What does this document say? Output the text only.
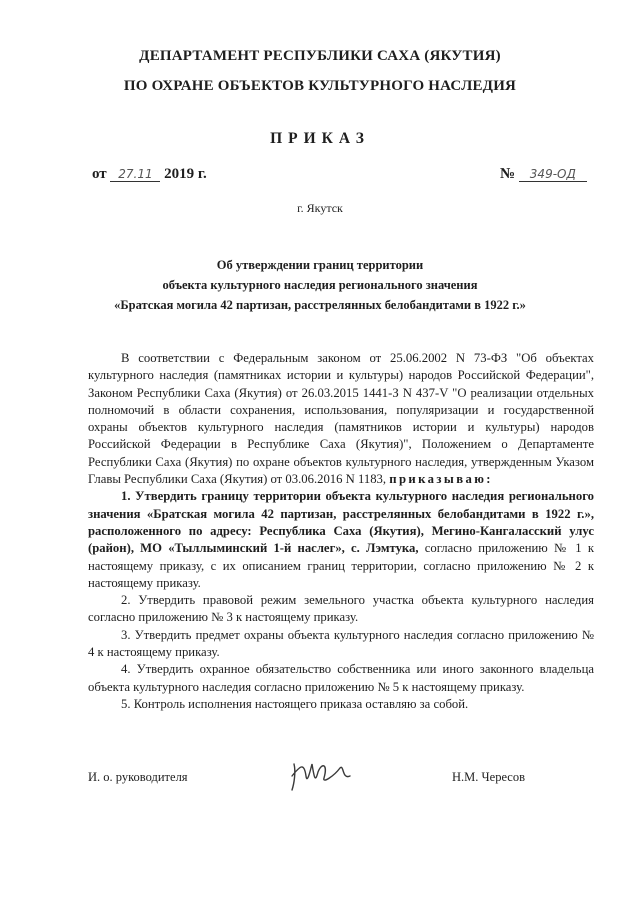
ДЕПАРТАМЕНТ РЕСПУБЛИКИ САХА (ЯКУТИЯ)
ПО ОХРАНЕ ОБЪЕКТОВ КУЛЬТУРНОГО НАСЛЕДИЯ
ПРИКАЗ
от 27.11 2019 г.	№ 349-ОД
г. Якутск
Об утверждении границ территории
объекта культурного наследия регионального значения
«Братская могила 42 партизан, расстрелянных белобандитами в 1922 г.»

В соответствии с Федеральным законом от 25.06.2002 N 73-ФЗ "Об объектах культурного наследия (памятниках истории и культуры) народов Российской Федерации", Законом Республики Саха (Якутия) от 26.03.2015 1441-З N 437-V "О реализации отдельных полномочий в области сохранения, использования, популяризации и государственной охраны объектов культурного наследия (памятников истории и культуры) народов Российской Федерации в Республике Саха (Якутия)", Положением о Департаменте Республики Саха (Якутия) по охране объектов культурного наследия, утвержденным Указом Главы Республики Саха (Якутия) от 03.06.2016 N 1183, приказываю:

1. Утвердить границу территории объекта культурного наследия регионального значения «Братская могила 42 партизан, расстрелянных белобандитами в 1922 г.», расположенного по адресу: Республика Саха (Якутия), Мегино-Кангаласский улус (район), МО «Тыллыминский 1-й наслег», с. Лэмтука, согласно приложению № 1 к настоящему приказу, с их описанием границ территории, согласно приложению № 2 к настоящему приказу.

2. Утвердить правовой режим земельного участка объекта культурного наследия согласно приложению № 3 к настоящему приказу.

3. Утвердить предмет охраны объекта культурного наследия согласно приложению № 4 к настоящему приказу.

4. Утвердить охранное обязательство собственника или иного законного владельца объекта культурного наследия согласно приложению № 5 к настоящему приказу.

5. Контроль исполнения настоящего приказа оставляю за собой.

И. о. руководителя	Н.М. Чересов
